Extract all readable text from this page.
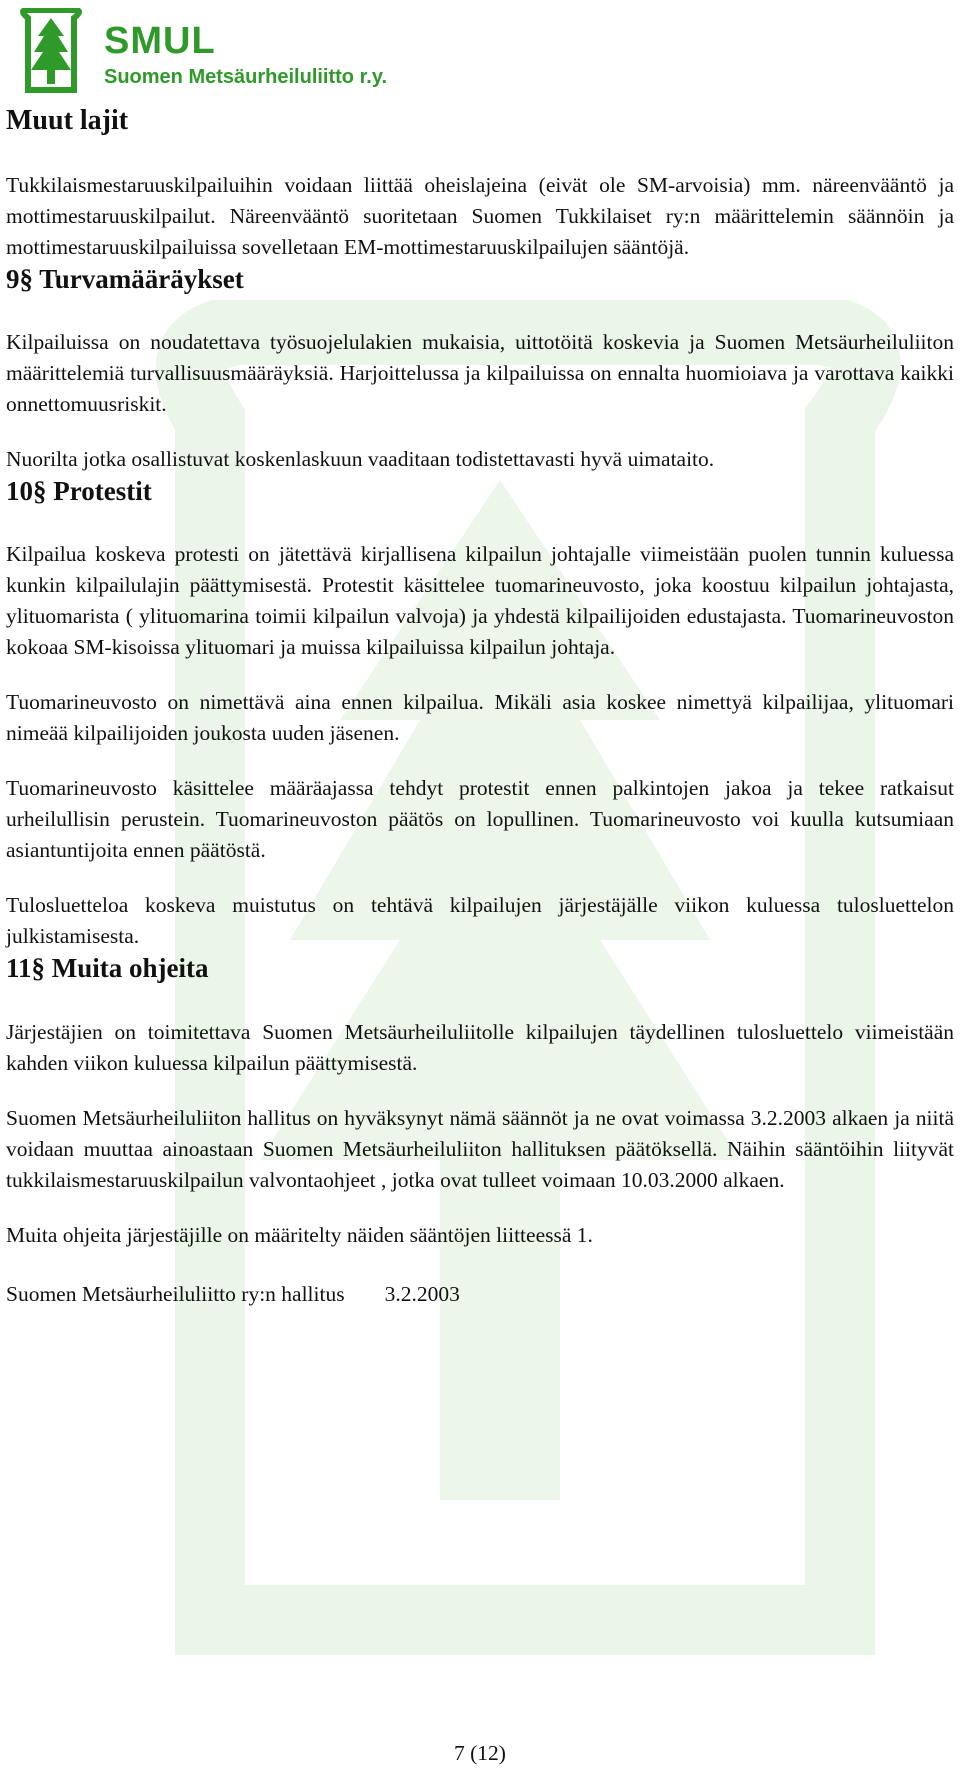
SMUL
Suomen Metsäurheiluliitto r.y.
Muut lajit

Tukkilaismestaruuskilpailuihin voidaan liittää oheislajeina (eivät ole SM-arvoisia) mm. näreenvääntö ja mottimestaruuskilpailut. Näreenvääntö suoritetaan Suomen Tukkilaiset ry:n määrittelemin säännöin ja mottimestaruuskilpailuissa sovelletaan EM-mottimestaruuskilpailujen sääntöjä.

9§ Turvamääräykset

Kilpailuissa on noudatettava työsuojelulakien mukaisia, uittotöitä koskevia ja Suomen Metsäurheiluliiton määrittelemiä turvallisuusmääräyksiä. Harjoittelussa ja kilpailuissa on ennalta huomioiava ja varottava kaikki onnettomuusriskit.

Nuorilta jotka osallistuvat koskenlaskuun vaaditaan todistettavasti hyvä uimataito.

10§ Protestit

Kilpailua koskeva protesti on jätettävä kirjallisena kilpailun johtajalle viimeistään puolen tunnin kuluessa kunkin kilpailulajin päättymisestä. Protestit käsittelee tuomarineuvosto, joka koostuu kilpailun johtajasta, ylituomarista ( ylituomarina toimii kilpailun valvoja) ja yhdestä kilpailijoiden edustajasta. Tuomarineuvoston kokoaa SM-kisoissa ylituomari ja muissa kilpailuissa kilpailun johtaja.

Tuomarineuvosto on nimettävä aina ennen kilpailua. Mikäli asia koskee nimettyä kilpailijaa, ylituomari nimeää kilpailijoiden joukosta uuden jäsenen.

Tuomarineuvosto käsittelee määräajassa tehdyt protestit ennen palkintojen jakoa ja tekee ratkaisut urheilullisin perustein. Tuomarineuvoston päätös on lopullinen. Tuomarineuvosto voi kuulla kutsumiaan asiantuntijoita ennen päätöstä.

Tulosluetteloa koskeva muistutus on tehtävä kilpailujen järjestäjälle viikon kuluessa tulosluettelon julkistamisesta.

11§ Muita ohjeita

Järjestäjien on toimitettava Suomen Metsäurheiluliitolle kilpailujen täydellinen tulosluettelo viimeistään kahden viikon kuluessa kilpailun päättymisestä.

Suomen Metsäurheiluliiton hallitus on hyväksynyt nämä säännöt ja ne ovat voimassa 3.2.2003 alkaen ja niitä voidaan muuttaa ainoastaan Suomen Metsäurheiluliiton hallituksen päätöksellä. Näihin sääntöihin liityvät tukkilaismestaruuskilpailun valvontaohjeet , jotka ovat tulleet voimaan 10.03.2000 alkaen.

Muita ohjeita järjestäjille on määritelty näiden sääntöjen liitteessä 1.

Suomen Metsäurheiluliitto ry:n hallitus 3.2.2003
7 (12)
